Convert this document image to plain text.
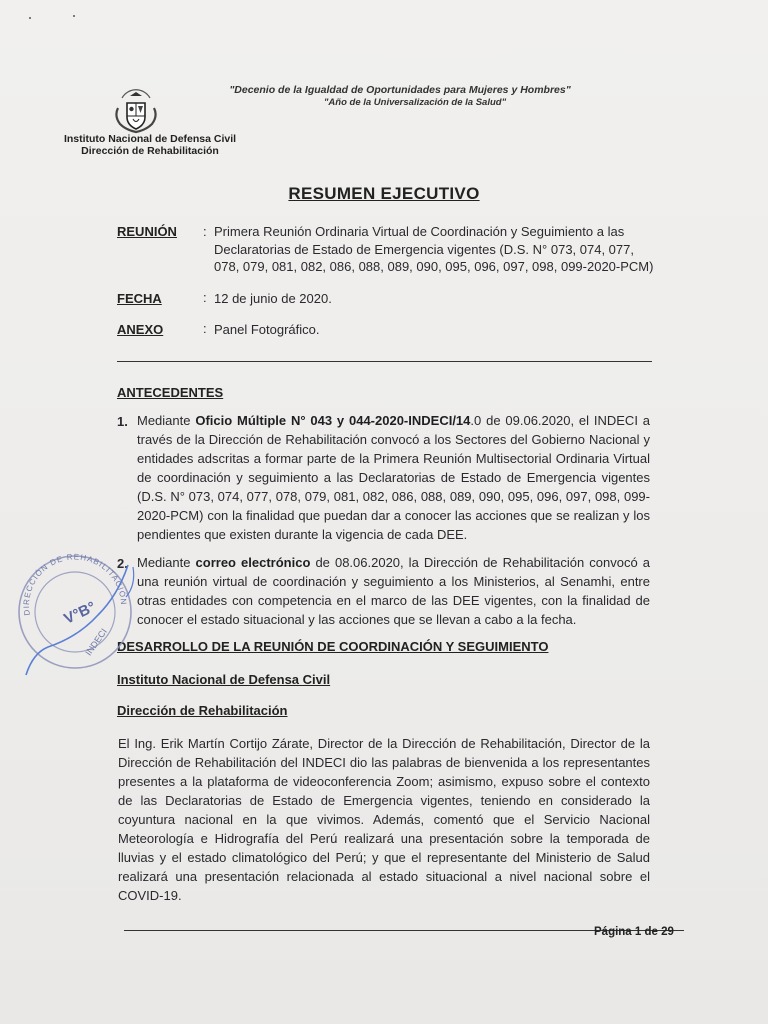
"Decenio de la Igualdad de Oportunidades para Mujeres y Hombres"
"Año de la Universalización de la Salud"
Instituto Nacional de Defensa Civil
Dirección de Rehabilitación
RESUMEN EJECUTIVO
REUNIÓN : Primera Reunión Ordinaria Virtual de Coordinación y Seguimiento a las
Declaratorias de Estado de Emergencia vigentes (D.S. N° 073, 074, 077,
078, 079, 081, 082, 086, 088, 089, 090, 095, 096, 097, 098, 099-2020-PCM)
FECHA	: 12 de junio de 2020.
ANEXO	: Panel Fotográfico.
ANTECEDENTES
1. Mediante Oficio Múltiple N° 043 y 044-2020-INDECI/14.0 de 09.06.2020, el INDECI a través de la Dirección de Rehabilitación convocó a los Sectores del Gobierno Nacional y entidades adscritas a formar parte de la Primera Reunión Multisectorial Ordinaria Virtual de coordinación y seguimiento a las Declaratorias de Estado de Emergencia vigentes (D.S. N° 073, 074, 077, 078, 079, 081, 082, 086, 088, 089, 090, 095, 096, 097, 098, 099-2020-PCM) con la finalidad que puedan dar a conocer las acciones que se realizan y los pendientes que existen durante la vigencia de cada DEE.
2. Mediante correo electrónico de 08.06.2020, la Dirección de Rehabilitación convocó a una reunión virtual de coordinación y seguimiento a los Ministerios, al Senamhi, entre otras entidades con competencia en el marco de las DEE vigentes, con la finalidad de conocer el estado situacional y las acciones que se llevan a cabo a la fecha.
DESARROLLO DE LA REUNIÓN DE COORDINACIÓN Y SEGUIMIENTO
Instituto Nacional de Defensa Civil
Dirección de Rehabilitación
El Ing. Erik Martín Cortijo Zárate, Director de la Dirección de Rehabilitación, Director de la Dirección de Rehabilitación del INDECI dio las palabras de bienvenida a los representantes presentes a la plataforma de videoconferencia Zoom; asimismo, expuso sobre el contexto de las Declaratorias de Estado de Emergencia vigentes, teniendo en considerado la coyuntura nacional en la que vivimos. Además, comentó que el Servicio Nacional Meteorología e Hidrografía del Perú realizará una presentación sobre la temporada de lluvias y el estado climatológico del Perú; y que el representante del Ministerio de Salud realizará una presentación relacionada al estado situacional a nivel nacional sobre el COVID-19.
DIRECCIÓN DE REHABILITACIÓN
V°B°
INDECI
Página 1 de 29
